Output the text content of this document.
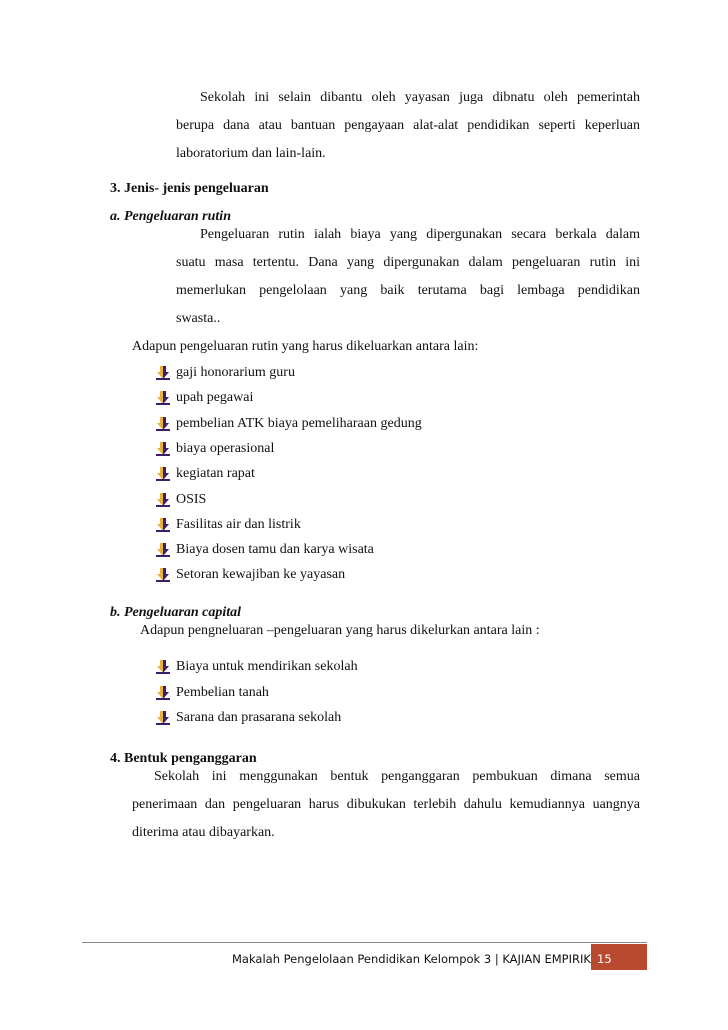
Sekolah ini selain dibantu oleh yayasan juga dibnatu oleh pemerintah
berupa dana atau bantuan pengayaan alat-alat pendidikan seperti keperluan
laboratorium dan lain-lain.
3. Jenis- jenis pengeluaran
a. Pengeluaran rutin
Pengeluaran rutin ialah biaya yang dipergunakan secara berkala dalam
suatu masa tertentu. Dana yang dipergunakan dalam pengeluaran rutin ini
memerlukan pengelolaan yang baik terutama bagi lembaga pendidikan
swasta..
Adapun pengeluaran rutin yang harus dikeluarkan antara lain:
gaji honorarium guru
upah pegawai
pembelian ATK biaya pemeliharaan gedung
biaya operasional
kegiatan rapat
OSIS
Fasilitas air dan listrik
Biaya dosen tamu dan karya wisata
Setoran kewajiban ke yayasan
b. Pengeluaran capital
Adapun pengneluaran –pengeluaran yang harus dikelurkan antara lain :
Biaya untuk mendirikan sekolah
Pembelian tanah
Sarana dan prasarana sekolah
4. Bentuk penganggaran
Sekolah ini menggunakan bentuk penganggaran pembukuan dimana semua
penerimaan dan pengeluaran harus dibukukan terlebih dahulu kemudiannya uangnya
diterima atau dibayarkan.
Makalah Pengelolaan Pendidikan Kelompok 3 | KAJIAN EMPIRIK 15
